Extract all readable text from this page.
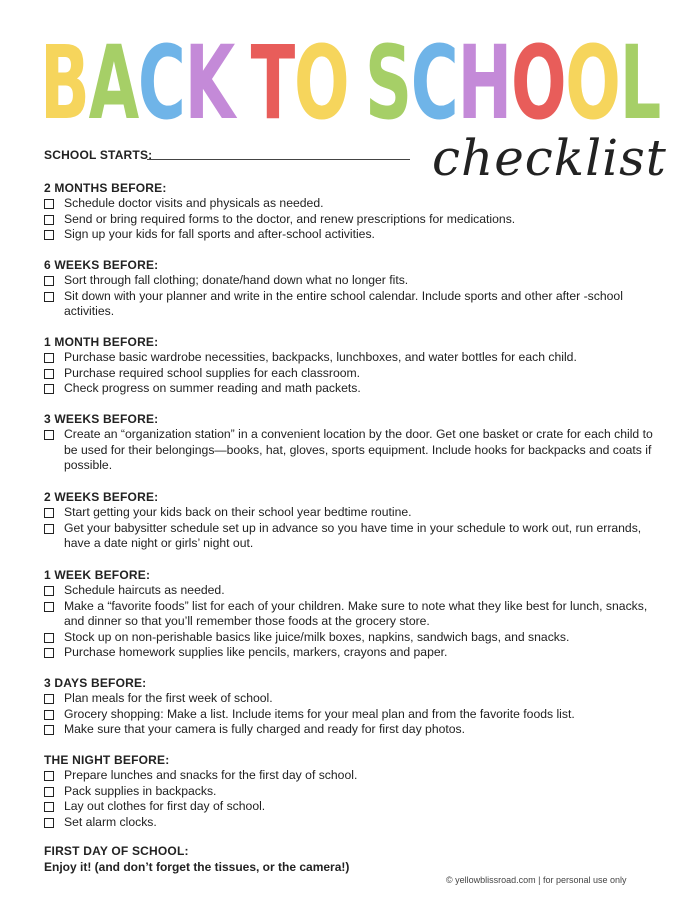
B
A
C
K T
O S
C
H
O
O
L
checklist
SCHOOL STARTS:
2 MONTHS BEFORE:
Schedule doctor visits and physicals as needed.
Send or bring required forms to the doctor, and renew prescriptions for medications.
Sign up your kids for fall sports and after-school activities.
6 WEEKS BEFORE:
Sort through fall clothing; donate/hand down what no longer fits.
Sit down with your planner and write in the entire school calendar. Include sports and other after -school activities.
1 MONTH BEFORE:
Purchase basic wardrobe necessities, backpacks, lunchboxes, and water bottles for each child.
Purchase required school supplies for each classroom.
Check progress on summer reading and math packets.
3 WEEKS BEFORE:
Create an “organization station” in a convenient location by the door. Get one basket or crate for each child to be used for their belongings—books, hat, gloves, sports equipment. Include hooks for backpacks and coats if possible.
2 WEEKS BEFORE:
Start getting your kids back on their school year bedtime routine.
Get your babysitter schedule set up in advance so you have time in your schedule to work out, run errands, have a date night or girls’ night out.
1 WEEK BEFORE:
Schedule haircuts as needed.
Make a “favorite foods” list for each of your children. Make sure to note what they like best for lunch, snacks, and dinner so that you’ll remember those foods at the grocery store.
Stock up on non-perishable basics like juice/milk boxes, napkins, sandwich bags, and snacks.
Purchase homework supplies like pencils, markers, crayons and paper.
3 DAYS BEFORE:
Plan meals for the first week of school.
Grocery shopping: Make a list. Include items for your meal plan and from the favorite foods list.
Make sure that your camera is fully charged and ready for first day photos.
THE NIGHT BEFORE:
Prepare lunches and snacks for the first day of school.
Pack supplies in backpacks.
Lay out clothes for first day of school.
Set alarm clocks.
FIRST DAY OF SCHOOL:
Enjoy it! (and don’t forget the tissues, or the camera!)
© yellowblissroad.com | for personal use only
